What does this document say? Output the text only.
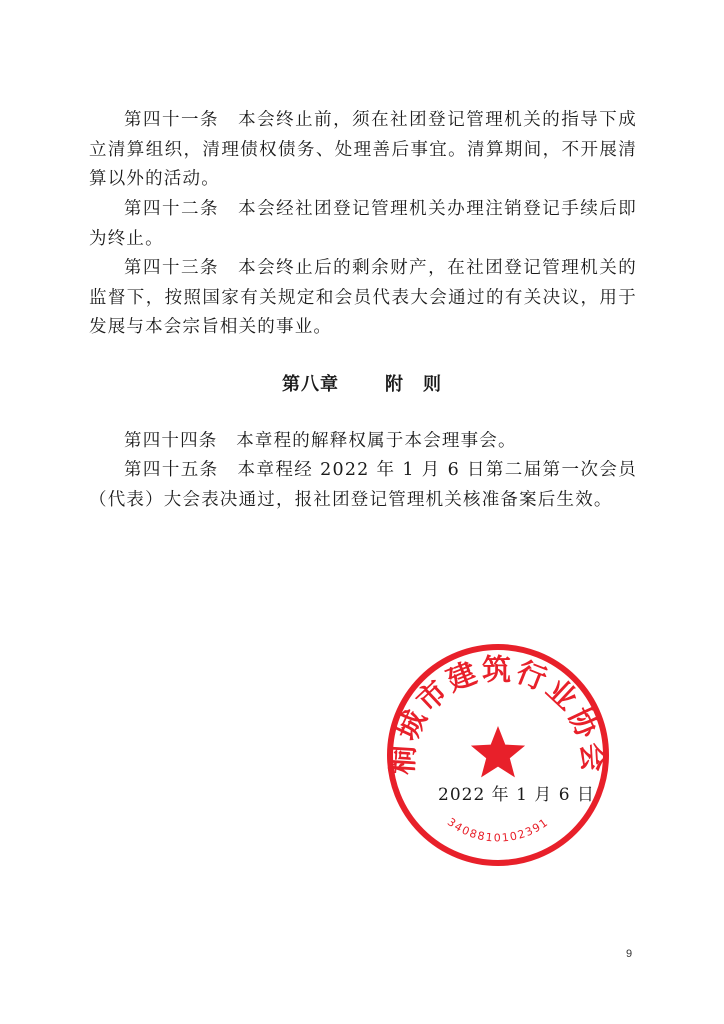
第四十一条　本会终止前，须在社团登记管理机关的指导下成立清算组织，清理债权债务、处理善后事宜。清算期间，不开展清算以外的活动。

第四十二条　本会经社团登记管理机关办理注销登记手续后即为终止。

第四十三条　本会终止后的剩余财产，在社团登记管理机关的监督下，按照国家有关规定和会员代表大会通过的有关决议，用于发展与本会宗旨相关的事业。

第八章	附　则

第四十四条　本章程的解释权属于本会理事会。

第四十五条　本章程经 2022 年 1 月 6 日第二届第一次会员（代表）大会表决通过，报社团登记管理机关核准备案后生效。

桐城市建筑行业协会
3408810102391
2022 年 1 月 6 日
9
